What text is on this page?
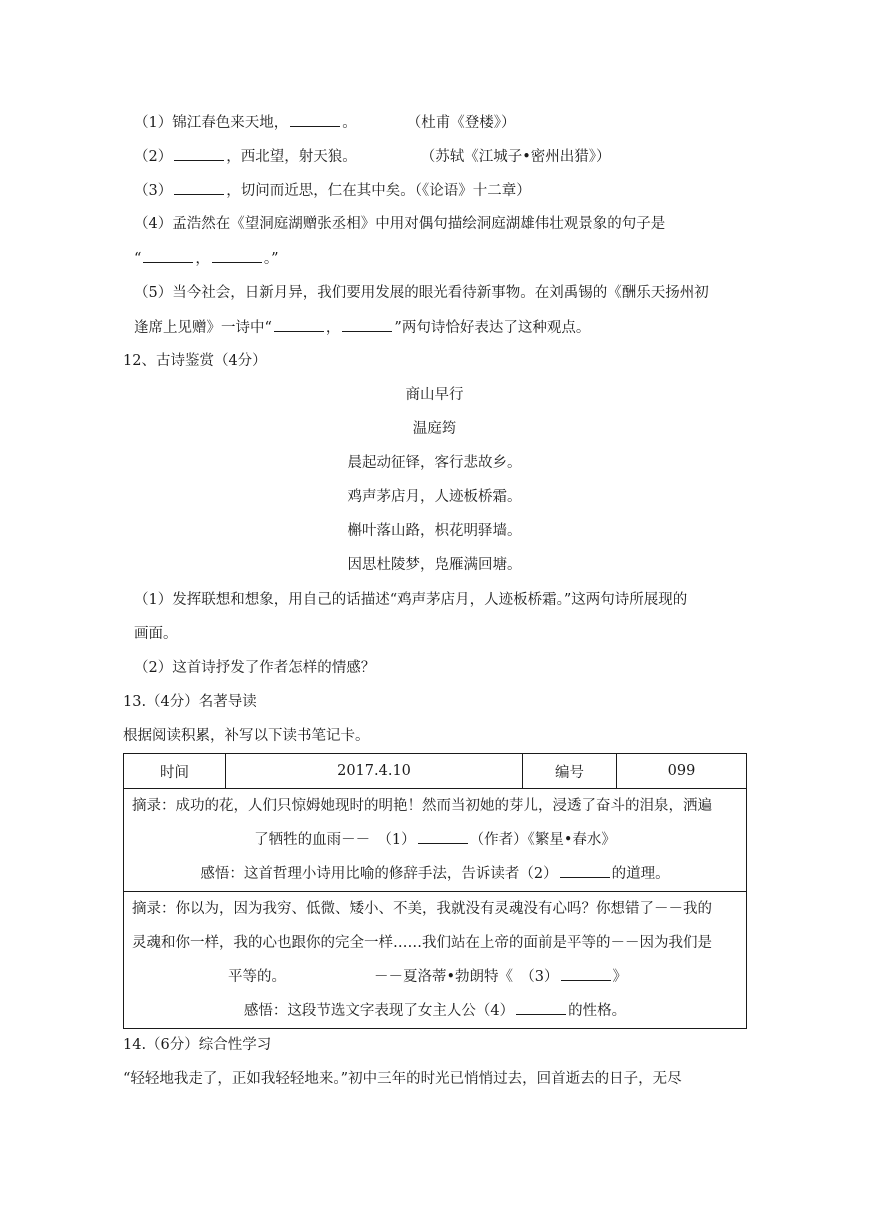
（1）锦江春色来天地，	。	（杜甫《登楼》）
（2）	，西北望，射天狼。	（苏轼《江城子•密州出猎》）
（3）	，切问而近思，仁在其中矣。（《论语》十二章）
（4）孟浩然在《望洞庭湖赠张丞相》中用对偶句描绘洞庭湖雄伟壮观景象的句子是
“	，	。”
（5）当今社会，日新月异，我们要用发展的眼光看待新事物。在刘禹锡的《酬乐天扬州初
逢席上见赠》一诗中“	，	”两句诗恰好表达了这种观点。
12、古诗鉴赏（4分）
商山早行
温庭筠
晨起动征铎，客行悲故乡。
鸡声茅店月，人迹板桥霜。
槲叶落山路，枳花明驿墙。
因思杜陵梦，凫雁满回塘。
（1）发挥联想和想象，用自己的话描述“鸡声茅店月，人迹板桥霜。”这两句诗所展现的
画面。
（2）这首诗抒发了作者怎样的情感？
13.（4分）名著导读
根据阅读积累，补写以下读书笔记卡。
时间	2017.4.10	编号	099

摘录：成功的花，人们只惊姆她现时的明艳！然而当初她的芽儿，浸透了奋斗的泪泉，洒遍
了牺牲的血雨－－　（1）	（作者）《繁星•春水》
感悟：这首哲理小诗用比喻的修辞手法，告诉读者（2）	的道理。

摘录：你以为，因为我穷、低微、矮小、不美，我就没有灵魂没有心吗？你想错了－－我的
灵魂和你一样，我的心也跟你的完全一样……我们站在上帝的面前是平等的－－因为我们是
平等的。	－－夏洛蒂•勃朗特《　（3）	》
感悟：这段节选文字表现了女主人公（4）	的性格。
14.（6分）综合性学习
“轻轻地我走了，正如我轻轻地来。”初中三年的时光已悄悄过去，回首逝去的日子，无尽
